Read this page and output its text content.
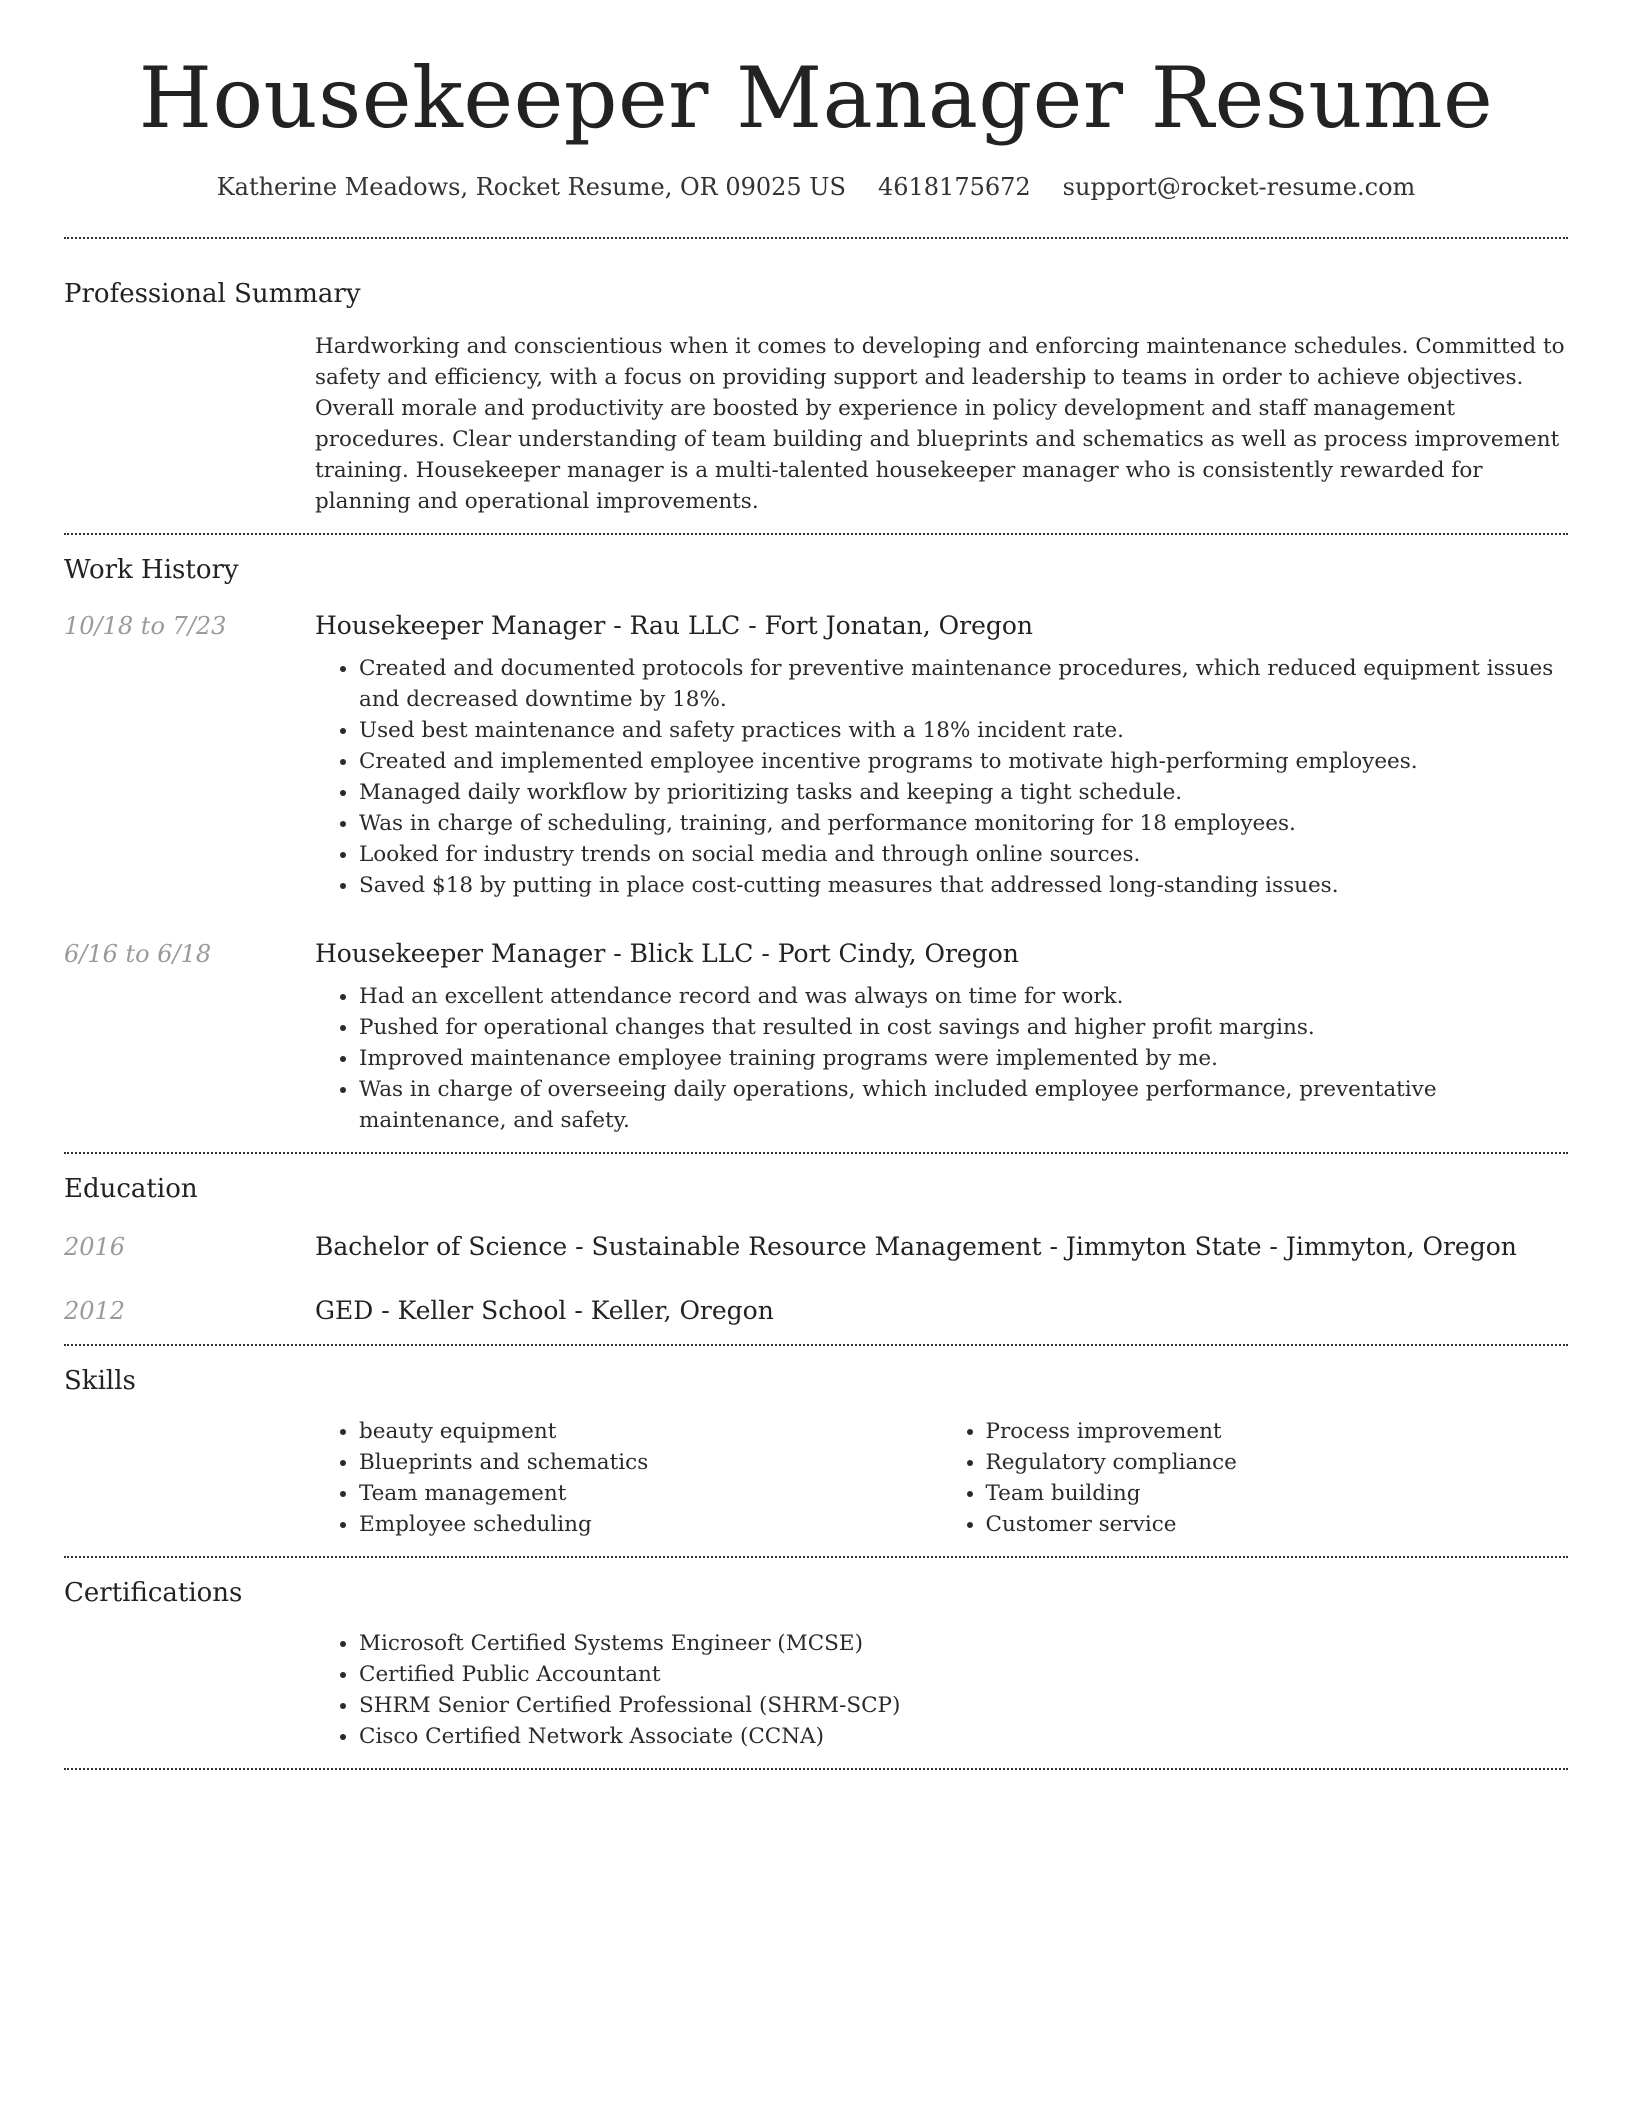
Housekeeper Manager Resume
Katherine Meadows, Rocket Resume, OR 09025 US 4618175672 support@rocket-resume.com
Professional Summary
Hardworking and conscientious when it comes to developing and enforcing maintenance schedules. Committed to safety and efficiency, with a focus on providing support and leadership to teams in order to achieve objectives. Overall morale and productivity are boosted by experience in policy development and staff management procedures. Clear understanding of team building and blueprints and schematics as well as process improvement training. Housekeeper manager is a multi-talented housekeeper manager who is consistently rewarded for planning and operational improvements.
Work History
10/18 to 7/23	Housekeeper Manager - Rau LLC - Fort Jonatan, Oregon
• Created and documented protocols for preventive maintenance procedures, which reduced equipment issues and decreased downtime by 18%.
• Used best maintenance and safety practices with a 18% incident rate.
• Created and implemented employee incentive programs to motivate high-performing employees.
• Managed daily workflow by prioritizing tasks and keeping a tight schedule.
• Was in charge of scheduling, training, and performance monitoring for 18 employees.
• Looked for industry trends on social media and through online sources.
• Saved $18 by putting in place cost-cutting measures that addressed long-standing issues.
6/16 to 6/18	Housekeeper Manager - Blick LLC - Port Cindy, Oregon
• Had an excellent attendance record and was always on time for work.
• Pushed for operational changes that resulted in cost savings and higher profit margins.
• Improved maintenance employee training programs were implemented by me.
• Was in charge of overseeing daily operations, which included employee performance, preventative maintenance, and safety.
Education
2016	Bachelor of Science - Sustainable Resource Management - Jimmyton State - Jimmyton, Oregon
2012	GED - Keller School - Keller, Oregon
Skills
• beauty equipment
• Blueprints and schematics
• Team management
• Employee scheduling
• Process improvement
• Regulatory compliance
• Team building
• Customer service
Certifications
• Microsoft Certified Systems Engineer (MCSE)
• Certified Public Accountant
• SHRM Senior Certified Professional (SHRM-SCP)
• Cisco Certified Network Associate (CCNA)
